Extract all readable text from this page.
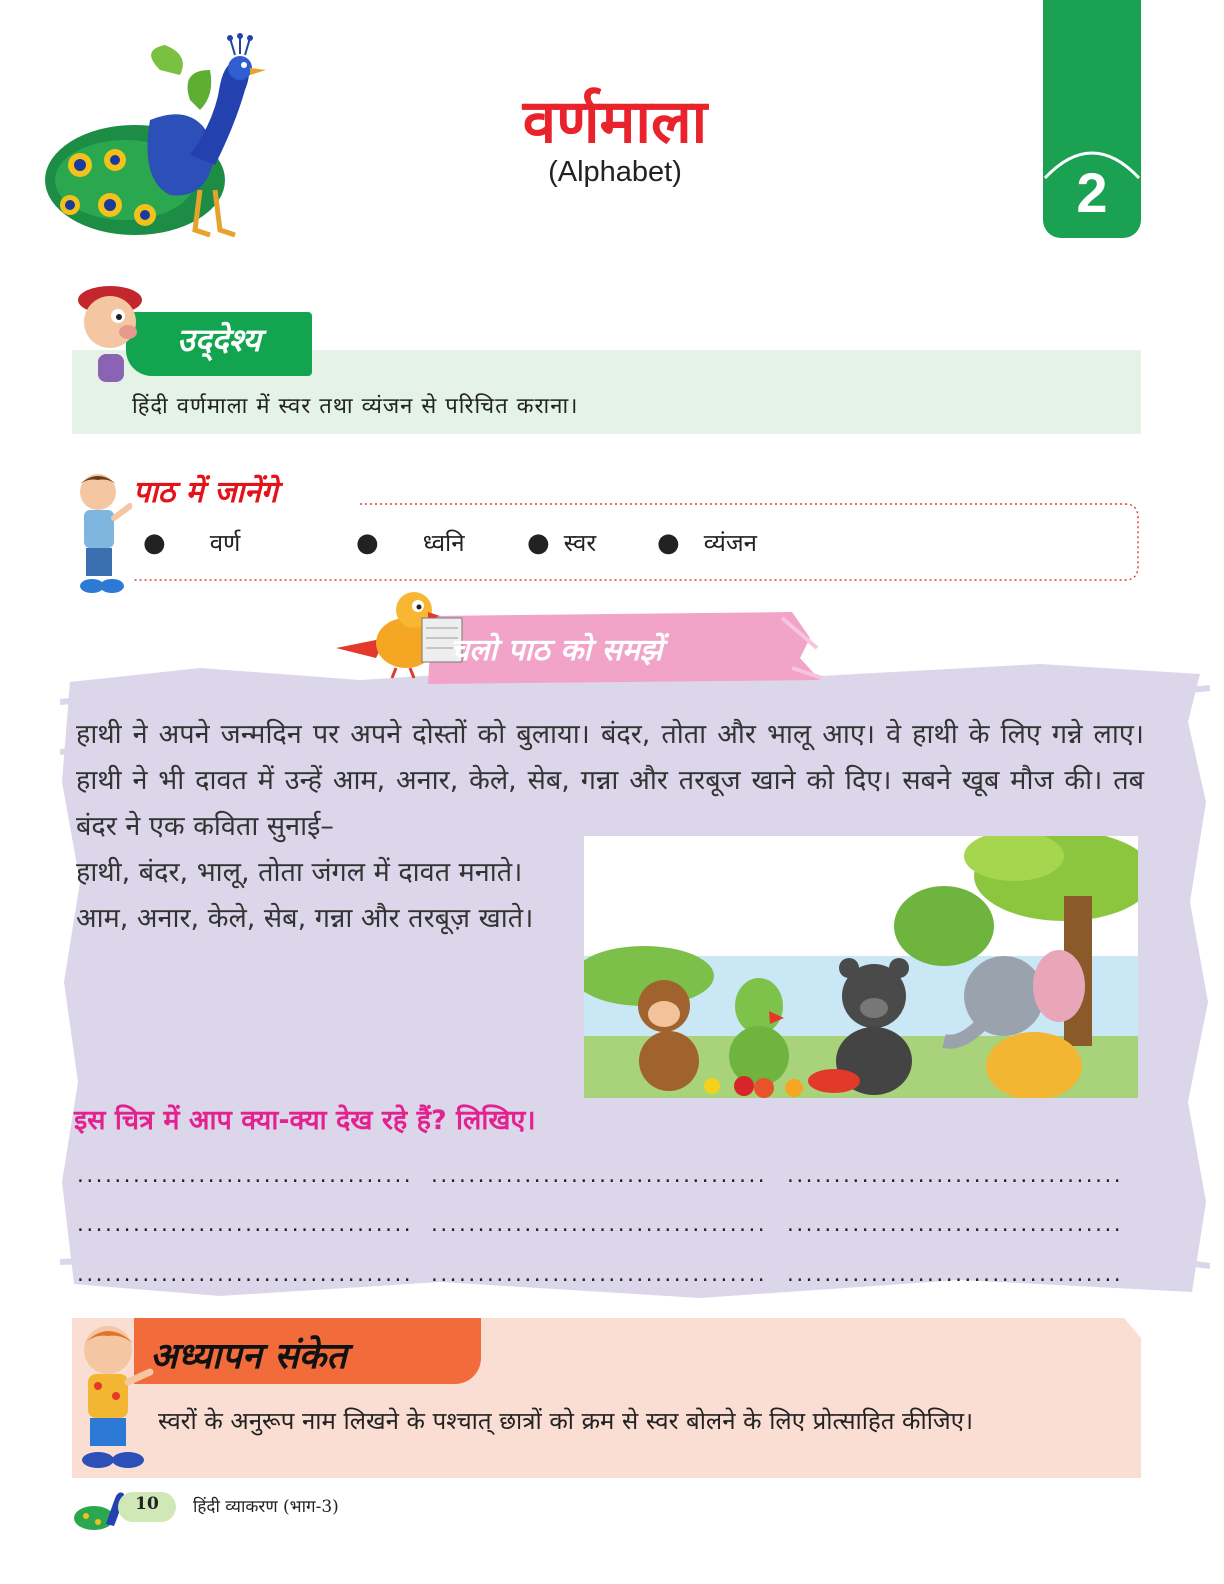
वर्णमाला
(Alphabet)	2
उद्‌देश्य
हिंदी वर्णमाला में स्वर तथा व्यंजन से परिचित कराना।
पाठ में जानेंगे
● वर्ण	● ध्वनि ● स्वर ● व्यंजन
चलो पाठ को समझें

हाथी ने अपने जन्मदिन पर अपने दोस्तों को बुलाया। बंदर, तोता और भालू आए। वे हाथी के लिए गन्ने लाए। हाथी ने भी दावत में उन्हें आम, अनार, केले, सेब, गन्ना और तरबूज खाने को दिए। सबने खूब मौज की। तब बंदर ने एक कविता सुनाई–

हाथी, बंदर, भालू, तोता जंगल में दावत मनाते।
आम, अनार, केले, सेब, गन्ना और तरबूज़ खाते।
इस चित्र में आप क्या-क्या देख रहे हैं? लिखिए।
.................................... .................................... ....................................
.................................... .................................... ....................................
.................................... .................................... ....................................
अध्यापन संकेत
स्वरों के अनुरूप नाम लिखने के पश्चात् छात्रों को क्रम से स्वर बोलने के लिए प्रोत्साहित कीजिए।
10	हिंदी व्याकरण (भाग-3)
